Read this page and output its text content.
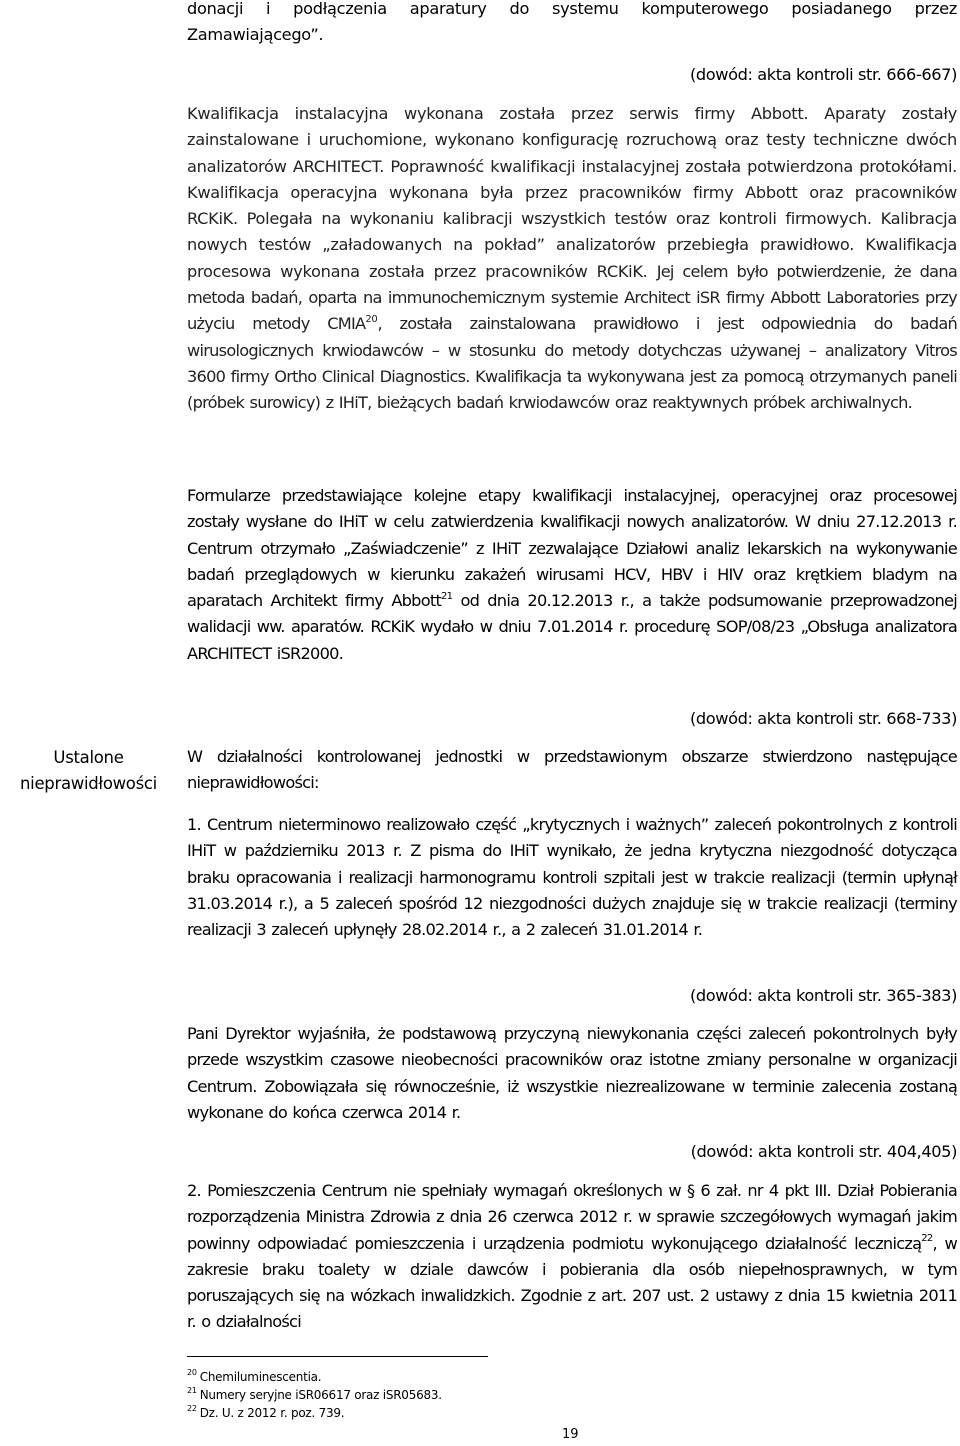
donacji i podłączenia aparatury do systemu komputerowego posiadanego przez Zamawiającego”.

(dowód: akta kontroli str. 666-667)

Kwalifikacja instalacyjna wykonana została przez serwis firmy Abbott. Aparaty zostały zainstalowane i uruchomione, wykonano konfigurację rozruchową oraz testy techniczne dwóch analizatorów ARCHITECT. Poprawność kwalifikacji instalacyjnej została potwierdzona protokółami. Kwalifikacja operacyjna wykonana była przez pracowników firmy Abbott oraz pracowników RCKiK. Polegała na wykonaniu kalibracji wszystkich testów oraz kontroli firmowych. Kalibracja nowych testów „załadowanych na pokład” analizatorów przebiegła prawidłowo. Kwalifikacja procesowa wykonana została przez pracowników RCKiK. Jej celem było potwierdzenie, że dana metoda badań, oparta na immunochemicznym systemie Architect iSR firmy Abbott Laboratories przy użyciu metody CMIA$^{20}$, została zainstalowana prawidłowo i jest odpowiednia do badań wirusologicznych krwiodawców – w stosunku do metody dotychczas używanej – analizatory Vitros 3600 firmy Ortho Clinical Diagnostics. Kwalifikacja ta wykonywana jest za pomocą otrzymanych paneli (próbek surowicy) z IHiT, bieżących badań krwiodawców oraz reaktywnych próbek archiwalnych.

Formularze przedstawiające kolejne etapy kwalifikacji instalacyjnej, operacyjnej oraz procesowej zostały wysłane do IHiT w celu zatwierdzenia kwalifikacji nowych analizatorów. W dniu 27.12.2013 r. Centrum otrzymało „Zaświadczenie” z IHiT zezwalające Działowi analiz lekarskich na wykonywanie badań przeglądowych w kierunku zakażeń wirusami HCV, HBV i HIV oraz krętkiem bladym na aparatach Architekt firmy Abbott$^{21}$ od dnia 20.12.2013 r., a także podsumowanie przeprowadzonej walidacji ww. aparatów. RCKiK wydało w dniu 7.01.2014 r. procedurę SOP/08/23 „Obsługa analizatora ARCHITECT iSR2000.

(dowód: akta kontroli str. 668-733)
Ustalone
nieprawidłowości

W działalności kontrolowanej jednostki w przedstawionym obszarze stwierdzono następujące nieprawidłowości:

1. Centrum nieterminowo realizowało część „krytycznych i ważnych” zaleceń pokontrolnych z kontroli IHiT w październiku 2013 r. Z pisma do IHiT wynikało, że jedna krytyczna niezgodność dotycząca braku opracowania i realizacji harmonogramu kontroli szpitali jest w trakcie realizacji (termin upłynął 31.03.2014 r.), a 5 zaleceń spośród 12 niezgodności dużych znajduje się w trakcie realizacji (terminy realizacji 3 zaleceń upłynęły 28.02.2014 r., a 2 zaleceń 31.01.2014 r.

(dowód: akta kontroli str. 365-383)

Pani Dyrektor wyjaśniła, że podstawową przyczyną niewykonania części zaleceń pokontrolnych były przede wszystkim czasowe nieobecności pracowników oraz istotne zmiany personalne w organizacji Centrum. Zobowiązała się równocześnie, iż wszystkie niezrealizowane w terminie zalecenia zostaną wykonane do końca czerwca 2014 r.

(dowód: akta kontroli str. 404,405)

2. Pomieszczenia Centrum nie spełniały wymagań określonych w § 6 zał. nr 4 pkt III. Dział Pobierania rozporządzenia Ministra Zdrowia z dnia 26 czerwca 2012 r. w sprawie szczegółowych wymagań jakim powinny odpowiadać pomieszczenia i urządzenia podmiotu wykonującego działalność leczniczą$^{22}$, w zakresie braku toalety w dziale dawców i pobierania dla osób niepełnosprawnych, w tym poruszających się na wózkach inwalidzkich. Zgodnie z art. 207 ust. 2 ustawy z dnia 15 kwietnia 2011 r. o działalności

$^{20}$ Chemiluminescentia.
$^{21}$ Numery seryjne iSR06617 oraz iSR05683.
$^{22}$ Dz. U. z 2012 r. poz. 739.
19
